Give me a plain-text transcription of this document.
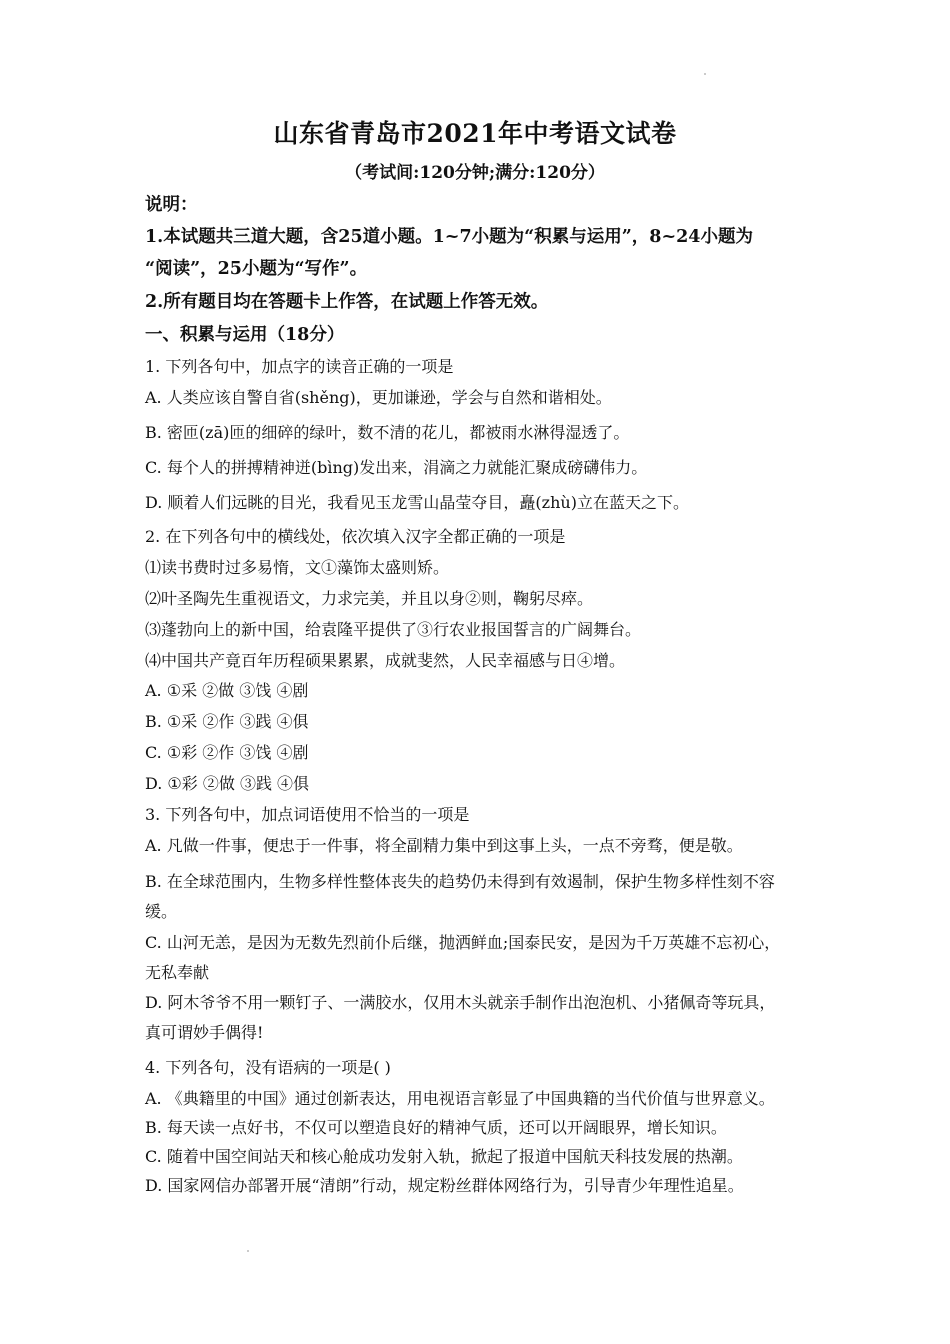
山东省青岛市2021年中考语文试卷
（考试间:120分钟;满分:120分）
说明：
1.本试题共三道大题，含25道小题。1~7小题为“积累与运用”，8~24小题为
“阅读”，25小题为“写作”。
2.所有题目均在答题卡上作答，在试题上作答无效。
一、积累与运用（18分）
1. 下列各句中，加点字的读音正确的一项是
A. 人类应该自警自省(shěng)，更加谦逊，学会与自然和谐相处。
B. 密匝(zā)匝的细碎的绿叶，数不清的花儿，都被雨水淋得湿透了。
C. 每个人的拼搏精神迸(bìng)发出来，涓滴之力就能汇聚成磅礴伟力。
D. 顺着人们远眺的目光，我看见玉龙雪山晶莹夺目，矗(zhù)立在蓝天之下。
2. 在下列各句中的横线处，依次填入汉字全都正确的一项是
⑴读书费时过多易惰，文①藻饰太盛则矫。
⑵叶圣陶先生重视语文，力求完美，并且以身②则，鞠躬尽瘁。
⑶蓬勃向上的新中国，给袁隆平提供了③行农业报国誓言的广阔舞台。
⑷中国共产竟百年历程硕果累累，成就斐然，人民幸福感与日④增。
A. ①采 ②做 ③饯 ④剧
B. ①采 ②作 ③践 ④俱
C. ①彩 ②作 ③饯 ④剧
D. ①彩 ②做 ③践 ④俱
3. 下列各句中，加点词语使用不恰当的一项是
A. 凡做一件事，便忠于一件事，将全副精力集中到这事上头，一点不旁骛，便是敬。
B. 在全球范围内，生物多样性整体丧失的趋势仍未得到有效遏制，保护生物多样性刻不容
缓。
C. 山河无恙，是因为无数先烈前仆后继，抛洒鲜血;国泰民安，是因为千万英雄不忘初心，
无私奉献
D. 阿木爷爷不用一颗钉子、一满胶水，仅用木头就亲手制作出泡泡机、小猪佩奇等玩具，
真可谓妙手偶得!
4. 下列各句，没有语病的一项是( )
A. 《典籍里的中国》通过创新表达，用电视语言彰显了中国典籍的当代价值与世界意义。
B. 每天读一点好书，不仅可以塑造良好的精神气质，还可以开阔眼界，增长知识。
C. 随着中国空间站天和核心舱成功发射入轨，掀起了报道中国航天科技发展的热潮。
D. 国家网信办部署开展“清朗”行动，规定粉丝群体网络行为，引导青少年理性追星。
